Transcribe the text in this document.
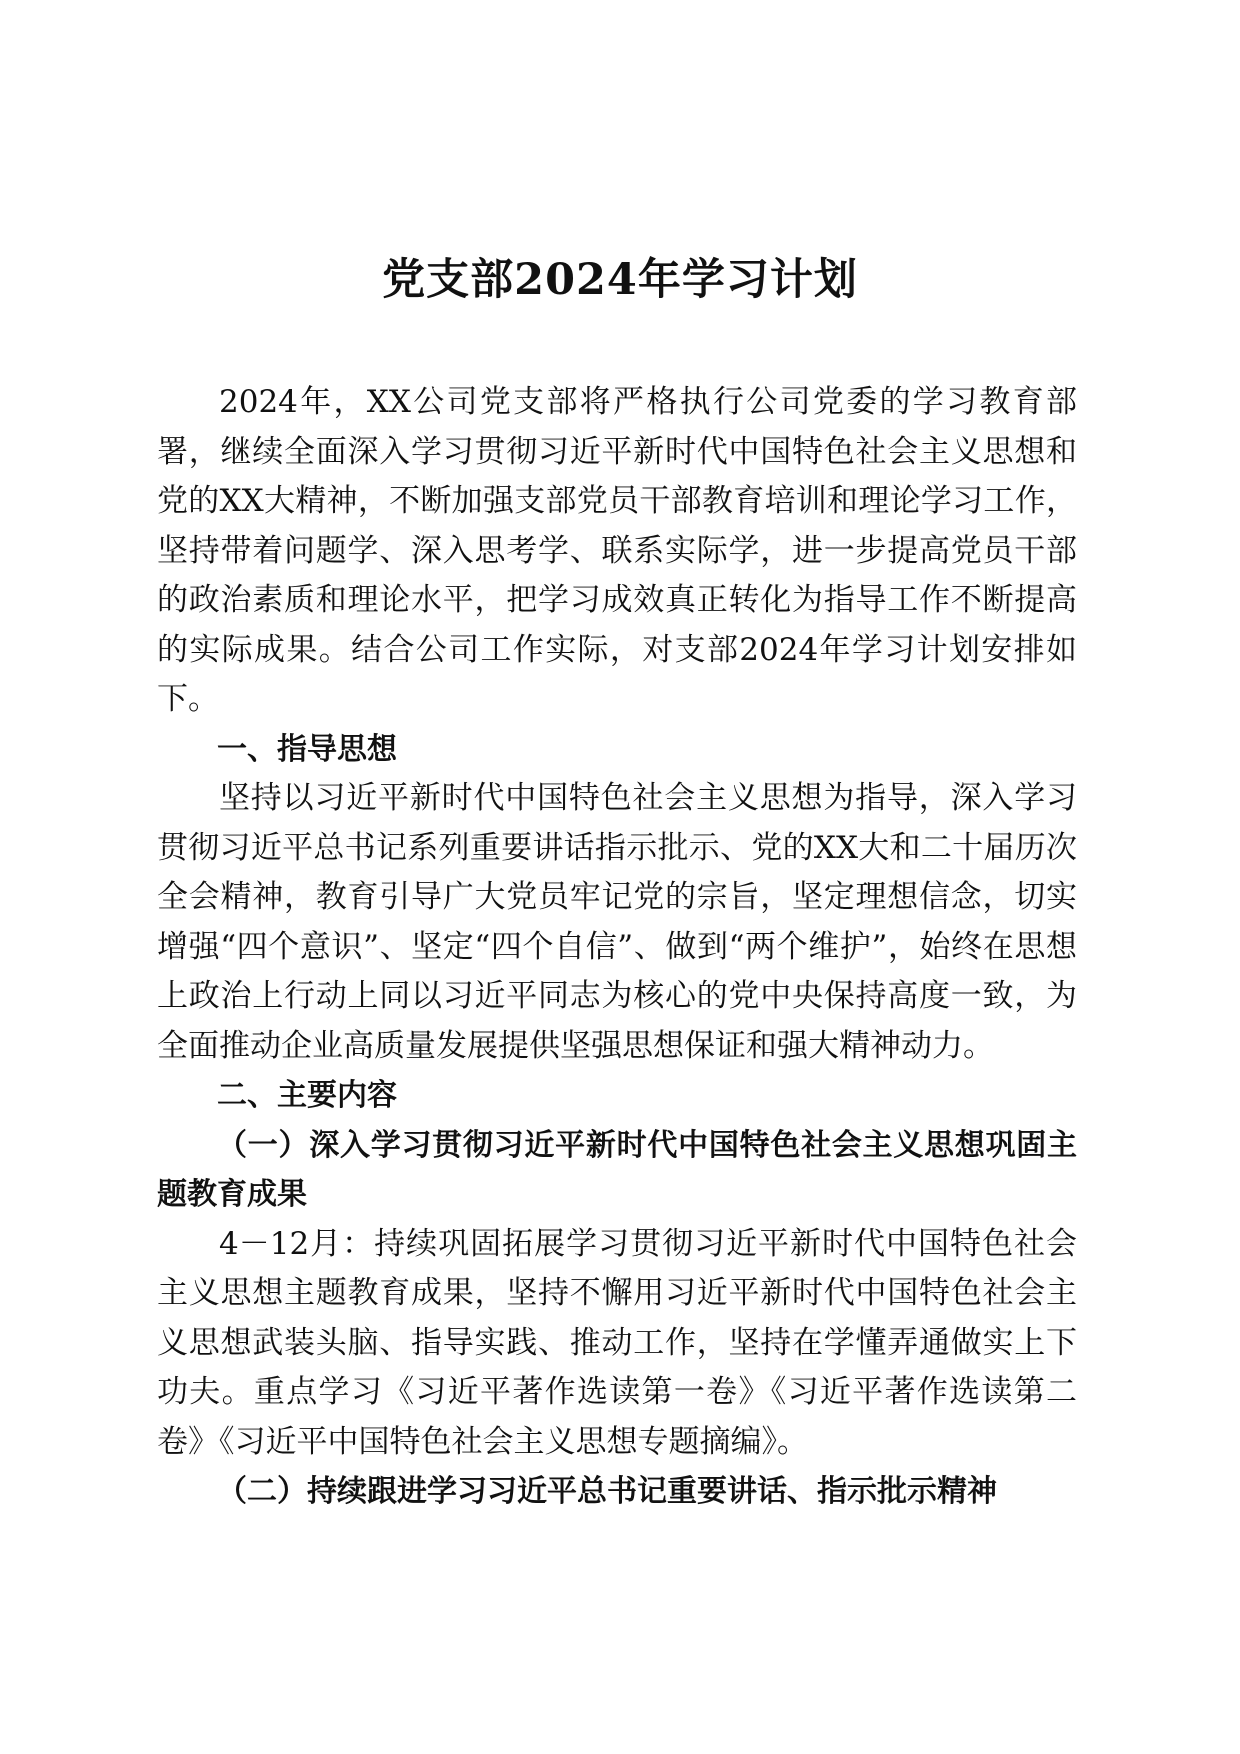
党支部2024年学习计划

2024年，XX公司党支部将严格执行公司党委的学习教育部署，继续全面深入学习贯彻习近平新时代中国特色社会主义思想和党的XX大精神，不断加强支部党员干部教育培训和理论学习工作，坚持带着问题学、深入思考学、联系实际学，进一步提高党员干部的政治素质和理论水平，把学习成效真正转化为指导工作不断提高的实际成果。结合公司工作实际，对支部2024年学习计划安排如下。

一、指导思想

坚持以习近平新时代中国特色社会主义思想为指导，深入学习贯彻习近平总书记系列重要讲话指示批示、党的XX大和二十届历次全会精神，教育引导广大党员牢记党的宗旨，坚定理想信念，切实增强“四个意识”、坚定“四个自信”、做到“两个维护”，始终在思想上政治上行动上同以习近平同志为核心的党中央保持高度一致，为全面推动企业高质量发展提供坚强思想保证和强大精神动力。

二、主要内容

（一）深入学习贯彻习近平新时代中国特色社会主义思想巩固主题教育成果

4－12月：持续巩固拓展学习贯彻习近平新时代中国特色社会主义思想主题教育成果，坚持不懈用习近平新时代中国特色社会主义思想武装头脑、指导实践、推动工作，坚持在学懂弄通做实上下功夫。重点学习《习近平著作选读第一卷》《习近平著作选读第二卷》《习近平中国特色社会主义思想专题摘编》。

（二）持续跟进学习习近平总书记重要讲话、指示批示精神
